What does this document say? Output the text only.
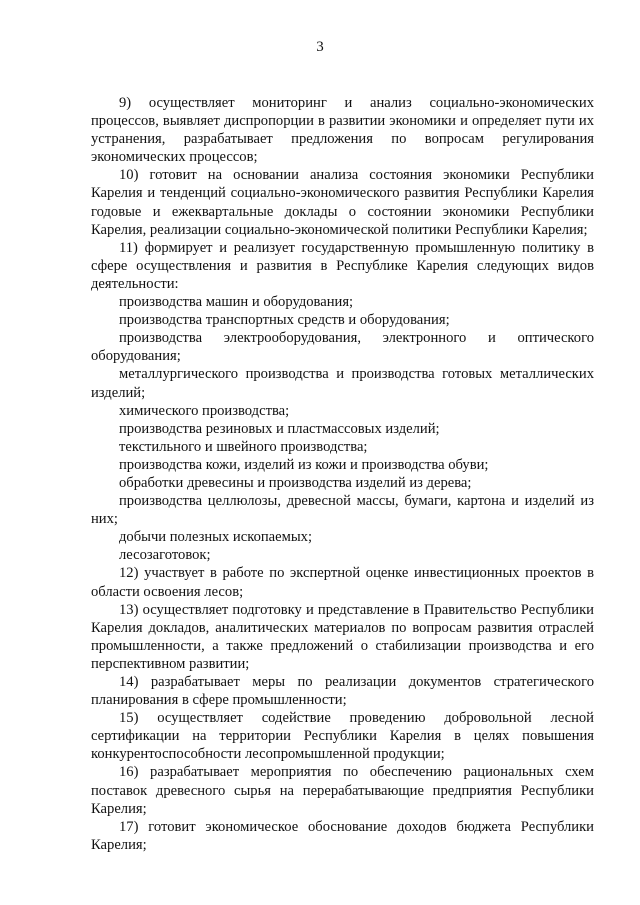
3

9) осуществляет мониторинг и анализ социально-экономических процессов, выявляет диспропорции в развитии экономики и определяет пути их устранения, разрабатывает предложения по вопросам регулирования экономических процессов;

10) готовит на основании анализа состояния экономики Республики Карелия и тенденций социально-экономического развития Республики Карелия годовые и ежеквартальные доклады о состоянии экономики Республики Карелия, реализации социально-экономической политики Республики Карелия;

11) формирует и реализует государственную промышленную политику в сфере осуществления и развития в Республике Карелия следующих видов деятельности:

производства машин и оборудования;

производства транспортных средств и оборудования;

производства электрооборудования, электронного и оптического оборудования;

металлургического производства и производства готовых металлических изделий;

химического производства;

производства резиновых и пластмассовых изделий;

текстильного и швейного производства;

производства кожи, изделий из кожи и производства обуви;

обработки древесины и производства изделий из дерева;

производства целлюлозы, древесной массы, бумаги, картона и изделий из них;

добычи полезных ископаемых;

лесозаготовок;

12) участвует в работе по экспертной оценке инвестиционных проектов в области освоения лесов;

13) осуществляет подготовку и представление в Правительство Республики Карелия докладов, аналитических материалов по вопросам развития отраслей промышленности, а также предложений о стабилизации производства и его перспективном развитии;

14) разрабатывает меры по реализации документов стратегического планирования в сфере промышленности;

15) осуществляет содействие проведению добровольной лесной сертификации на территории Республики Карелия в целях повышения конкурентоспособности лесопромышленной продукции;

16) разрабатывает мероприятия по обеспечению рациональных схем поставок древесного сырья на перерабатывающие предприятия Республики Карелия;

17) готовит экономическое обоснование доходов бюджета Республики Карелия;
